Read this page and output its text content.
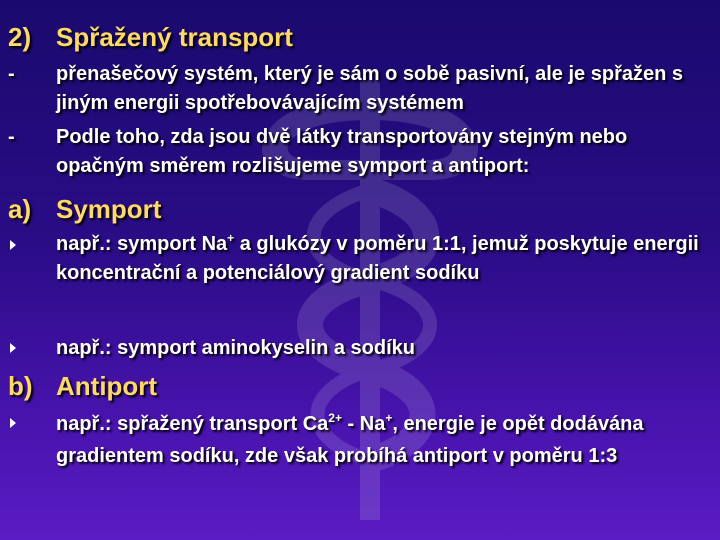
2) Spřažený transport
- přenašečový systém, který je sám o sobě pasivní, ale je spřažen s jiným energii spotřebovávajícím systémem
- Podle toho, zda jsou dvě látky transportovány stejným nebo opačným směrem rozlišujeme symport a antiport:
a) Symport
např.: symport Na+ a glukózy v poměru 1:1, jemuž poskytuje energii koncentrační a potenciálový gradient sodíku
např.: symport aminokyselin a sodíku
b) Antiport
např.: spřažený transport $Ca^{2+} - Na^+$, energie je opět dodávána gradientem sodíku, zde však probíhá antiport v poměru 1:3
